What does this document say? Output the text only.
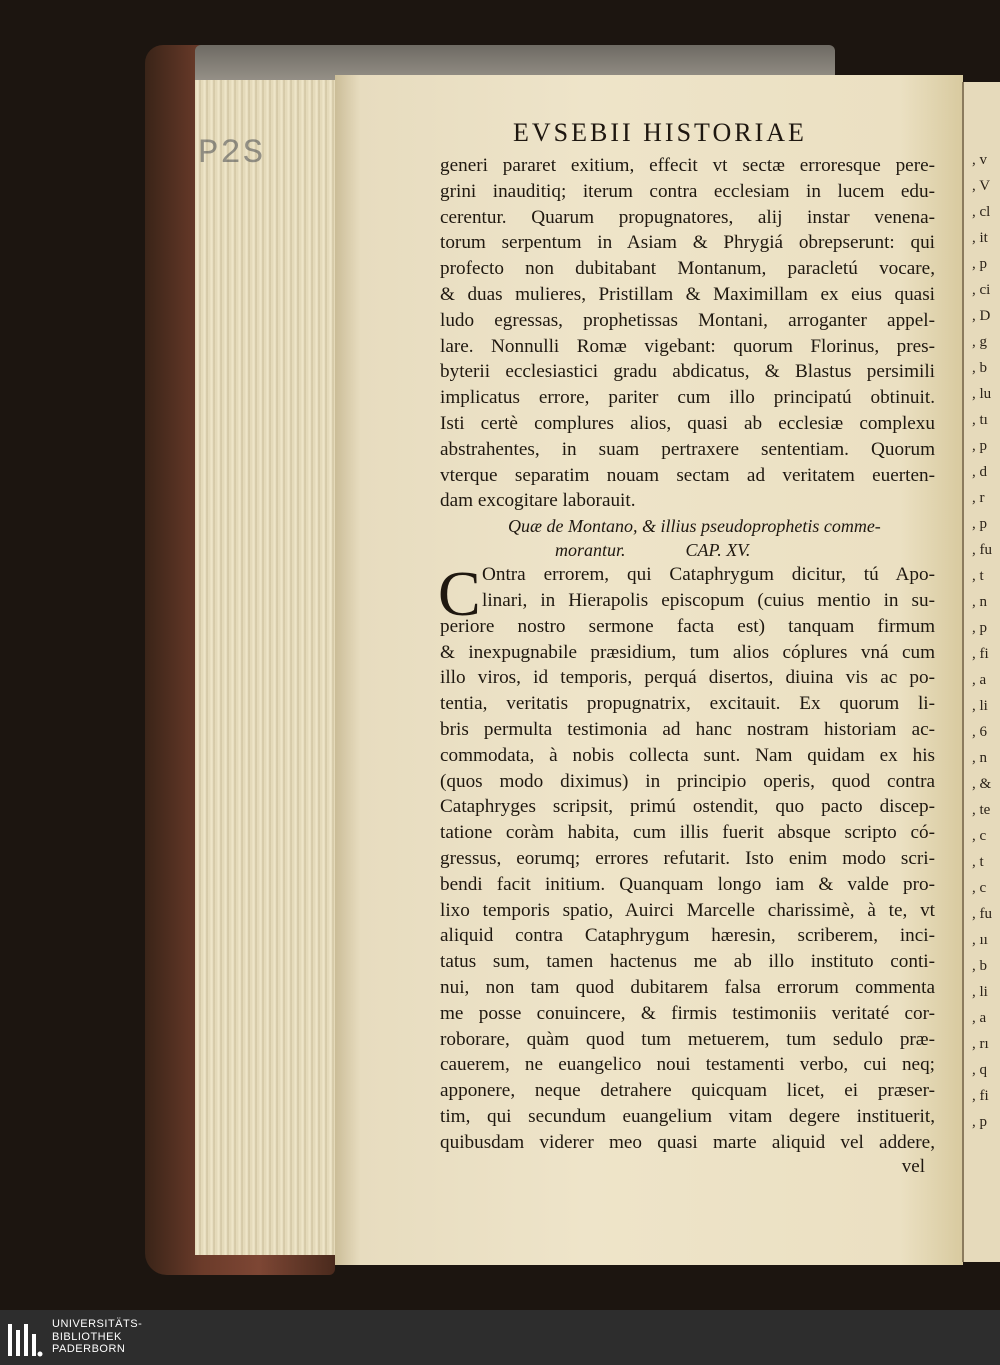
P2S	, v
, V
, cl
, it
, p
, ci
, D
, g
, b
, lu
, tı
, p
, d
, r
, p
, fu
, t
, n
, p
, fi
, a
, li
, 6
, n
, &
, te
, c
, t
, c
, fu
, ıı
, b
, li
, a
, rı
, q
, fi
, p
EVSEBII HISTORIAE
generi pararet exitium, effecit vt sectæ erroresque pere-
grini inauditiq; iterum contra ecclesiam in lucem edu-
cerentur. Quarum propugnatores, alij instar venena-
torum serpentum in Asiam & Phrygiá obrepserunt: qui
profecto non dubitabant Montanum, paracletú vocare,
& duas mulieres, Pristillam & Maximillam ex eius quasi
ludo egressas, prophetissas Montani, arroganter appel-
lare. Nonnulli Romæ vigebant: quorum Florinus, pres-
byterii ecclesiastici gradu abdicatus, & Blastus persimili
implicatus errore, pariter cum illo principatú obtinuit.
Isti certè complures alios, quasi ab ecclesiæ complexu
abstrahentes, in suam pertraxere sententiam. Quorum
vterque separatim nouam sectam ad veritatem euerten-
dam excogitare laborauit.
Quæ de Montano, & illius pseudoprophetis comme-
morantur.	CAP. XV.
C Ontra errorem, qui Cataphrygum dicitur, tú Apo-
linari, in Hierapolis episcopum (cuius mentio in su-
periore nostro sermone facta est) tanquam firmum
& inexpugnabile præsidium, tum alios cóplures vná cum
illo viros, id temporis, perquá disertos, diuina vis ac po-
tentia, veritatis propugnatrix, excitauit. Ex quorum li-
bris permulta testimonia ad hanc nostram historiam ac-
commodata, à nobis collecta sunt. Nam quidam ex his
(quos modo diximus) in principio operis, quod contra
Cataphryges scripsit, primú ostendit, quo pacto discep-
tatione coràm habita, cum illis fuerit absque scripto có-
gressus, eorumq; errores refutarit. Isto enim modo scri-
bendi facit initium. Quanquam longo iam & valde pro-
lixo temporis spatio, Auirci Marcelle charissimè, à te, vt
aliquid contra Cataphrygum hæresin, scriberem, inci-
tatus sum, tamen hactenus me ab illo instituto conti-
nui, non tam quod dubitarem falsa errorum commenta
me posse conuincere, & firmis testimoniis veritaté cor-
roborare, quàm quod tum metuerem, tum sedulo præ-
cauerem, ne euangelico noui testamenti verbo, cui neq;
apponere, neque detrahere quicquam licet, ei præser-
tim, qui secundum euangelium vitam degere instituerit,
quibusdam viderer meo quasi marte aliquid vel addere,
vel
UNIVERSITÄTS-
BIBLIOTHEK
PADERBORN
